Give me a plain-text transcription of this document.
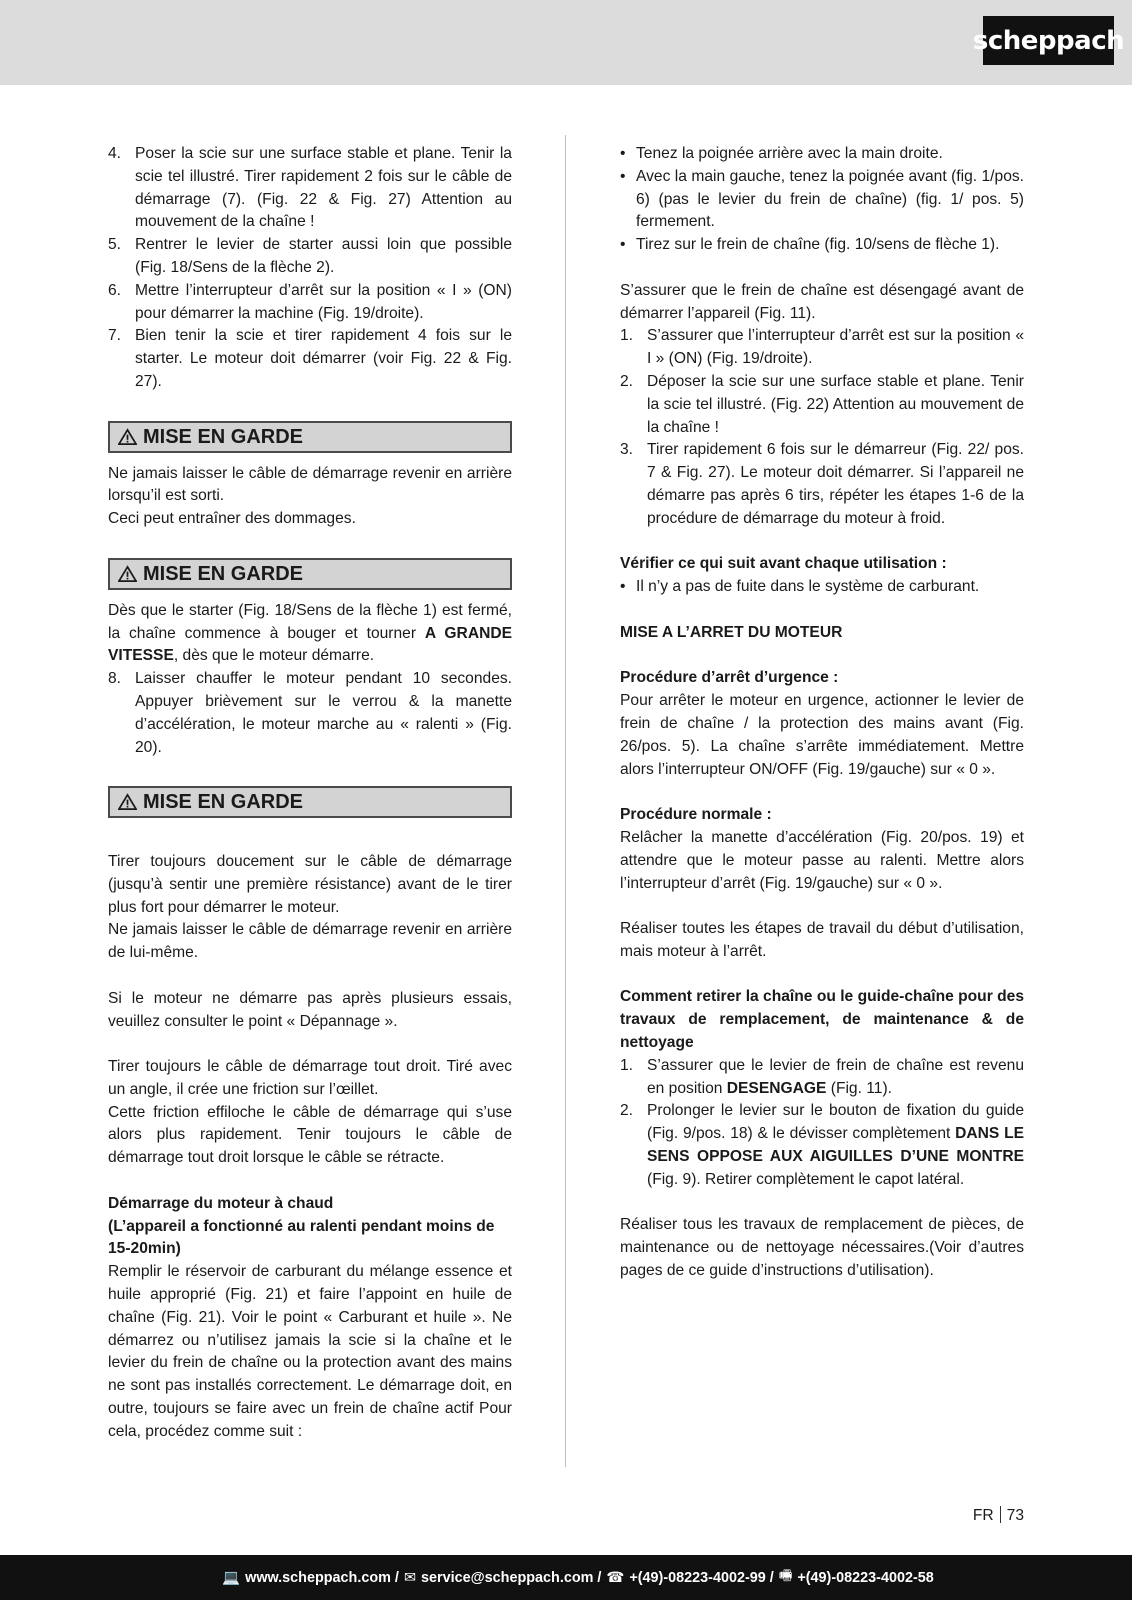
scheppach
4. Poser la scie sur une surface stable et plane. Tenir la scie tel illustré. Tirer rapidement 2 fois sur le câble de démarrage (7). (Fig. 22 & Fig. 27) Attention au mouvement de la chaîne !
5. Rentrer le levier de starter aussi loin que possible (Fig. 18/Sens de la flèche 2).
6. Mettre l’interrupteur d’arrêt sur la position « I » (ON) pour démarrer la machine (Fig. 19/droite).
7. Bien tenir la scie et tirer rapidement 4 fois sur le starter. Le moteur doit démarrer (voir Fig. 22 & Fig. 27).
MISE EN GARDE

Ne jamais laisser le câble de démarrage revenir en arrière lorsqu’il est sorti.

Ceci peut entraîner des dommages.

MISE EN GARDE

Dès que le starter (Fig. 18/Sens de la flèche 1) est fermé, la chaîne commence à bouger et tourner A GRANDE VITESSE, dès que le moteur démarre.

8. Laisser chauffer le moteur pendant 10 secondes. Appuyer brièvement sur le verrou & la manette d’accélération, le moteur marche au « ralenti » (Fig. 20).
MISE EN GARDE

Tirer toujours doucement sur le câble de démarrage (jusqu’à sentir une première résistance) avant de le tirer plus fort pour démarrer le moteur.

Ne jamais laisser le câble de démarrage revenir en arrière de lui-même.

Si le moteur ne démarre pas après plusieurs essais, veuillez consulter le point « Dépannage ».

Tirer toujours le câble de démarrage tout droit. Tiré avec un angle, il crée une friction sur l’œillet.

Cette friction effiloche le câble de démarrage qui s’use alors plus rapidement. Tenir toujours le câble de démarrage tout droit lorsque le câble se rétracte.

Démarrage du moteur à chaud

(L’appareil a fonctionné au ralenti pendant moins de 15-20min)

Remplir le réservoir de carburant du mélange essence et huile approprié (Fig. 21) et faire l’appoint en huile de chaîne (Fig. 21). Voir le point « Carburant et huile ». Ne démarrez ou n’utilisez jamais la scie si la chaîne et le levier du frein de chaîne ou la protection avant des mains ne sont pas installés correctement. Le démarrage doit, en outre, toujours se faire avec un frein de chaîne actif Pour cela, procédez comme suit :

• Tenez la poignée arrière avec la main droite.
• Avec la main gauche, tenez la poignée avant (fig. 1/pos. 6) (pas le levier du frein de chaîne) (fig. 1/ pos. 5) fermement.
• Tirez sur le frein de chaîne (fig. 10/sens de flèche 1).

S’assurer que le frein de chaîne est désengagé avant de démarrer l’appareil (Fig. 11).

1. S’assurer que l’interrupteur d’arrêt est sur la position « I » (ON) (Fig. 19/droite).
2. Déposer la scie sur une surface stable et plane. Tenir la scie tel illustré. (Fig. 22) Attention au mouvement de la chaîne !
3. Tirer rapidement 6 fois sur le démarreur (Fig. 22/ pos. 7 & Fig. 27). Le moteur doit démarrer. Si l’appareil ne démarre pas après 6 tirs, répéter les étapes 1-6 de la procédure de démarrage du moteur à froid.

Vérifier ce qui suit avant chaque utilisation :

• Il n’y a pas de fuite dans le système de carburant.

MISE A L’ARRET DU MOTEUR

Procédure d’arrêt d’urgence :

Pour arrêter le moteur en urgence, actionner le levier de frein de chaîne / la protection des mains avant (Fig. 26/pos. 5). La chaîne s’arrête immédiatement. Mettre alors l’interrupteur ON/OFF (Fig. 19/gauche) sur « 0 ».

Procédure normale :

Relâcher la manette d’accélération (Fig. 20/pos. 19) et attendre que le moteur passe au ralenti. Mettre alors l’interrupteur d’arrêt (Fig. 19/gauche) sur « 0 ».

Réaliser toutes les étapes de travail du début d’utilisation, mais moteur à l’arrêt.

Comment retirer la chaîne ou le guide-chaîne pour des travaux de remplacement, de maintenance & de nettoyage

1. S’assurer que le levier de frein de chaîne est revenu en position DESENGAGE (Fig. 11).
2. Prolonger le levier sur le bouton de fixation du guide (Fig. 9/pos. 18) & le dévisser complètement DANS LE SENS OPPOSE AUX AIGUILLES D’UNE MONTRE (Fig. 9). Retirer complètement le capot latéral.

Réaliser tous les travaux de remplacement de pièces, de maintenance ou de nettoyage nécessaires.(Voir d’autres pages de ce guide d’instructions d’utilisation).

FR 73
💻 www.scheppach.com / ✉ service@scheppach.com / ☎ +(49)-08223-4002-99 / 🖷 +(49)-08223-4002-58
